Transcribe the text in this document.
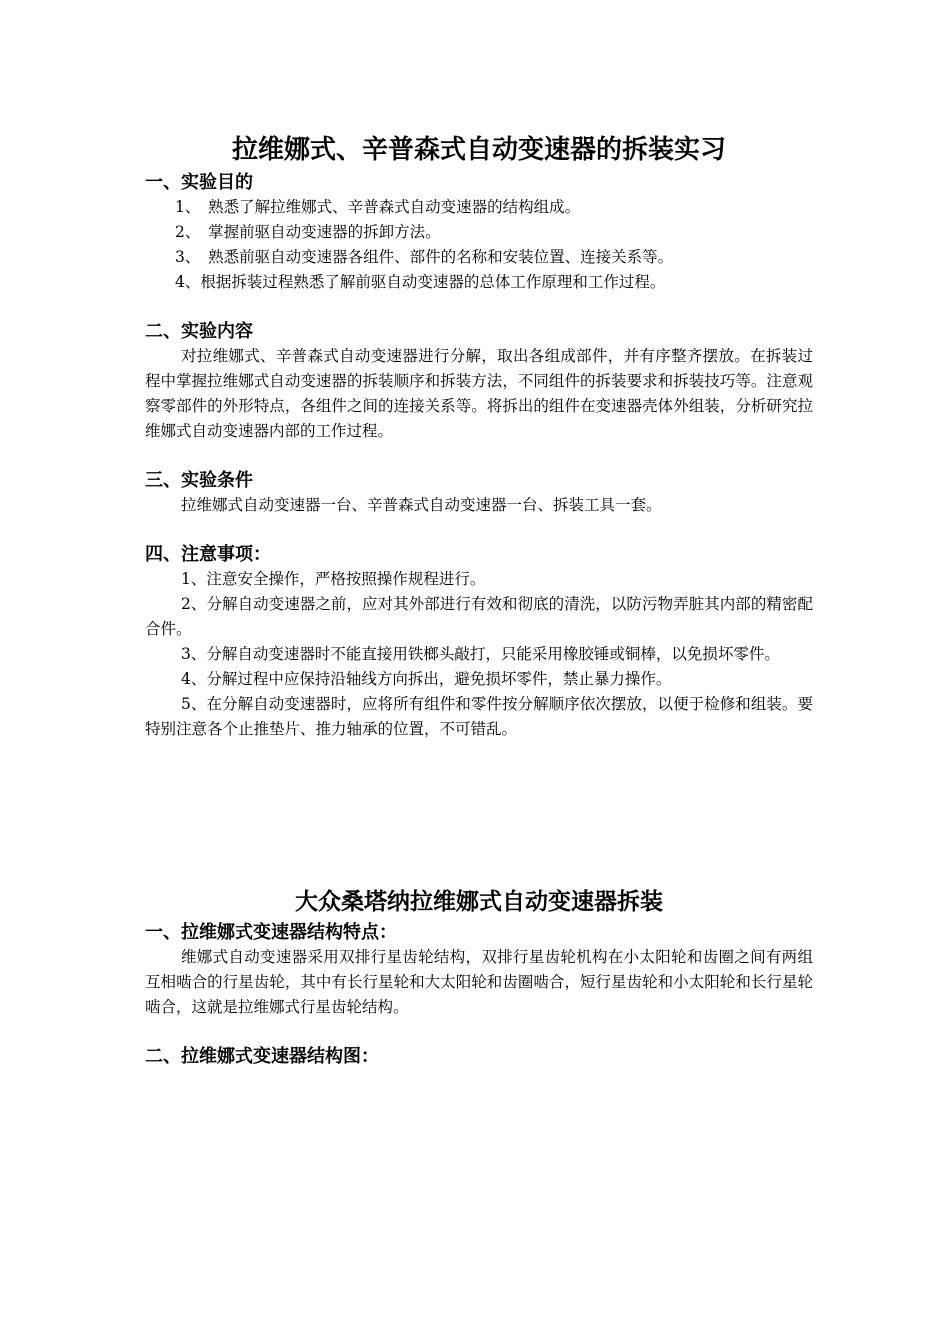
拉维娜式、辛普森式自动变速器的拆装实习
一、实验目的

1、　熟悉了解拉维娜式、辛普森式自动变速器的结构组成。

2、　掌握前驱自动变速器的拆卸方法。

3、　熟悉前驱自动变速器各组件、部件的名称和安装位置、连接关系等。

4、根据拆装过程熟悉了解前驱自动变速器的总体工作原理和工作过程。

二、实验内容

对拉维娜式、辛普森式自动变速器进行分解，取出各组成部件，并有序整齐摆放。在拆装过程中掌握拉维娜式自动变速器的拆装顺序和拆装方法，不同组件的拆装要求和拆装技巧等。注意观察零部件的外形特点，各组件之间的连接关系等。将拆出的组件在变速器壳体外组装，分析研究拉维娜式自动变速器内部的工作过程。

三、实验条件

拉维娜式自动变速器一台、辛普森式自动变速器一台、拆装工具一套。

四、注意事项：

1、注意安全操作，严格按照操作规程进行。

2、分解自动变速器之前，应对其外部进行有效和彻底的清洗，以防污物弄脏其内部的精密配合件。

3、分解自动变速器时不能直接用铁榔头敲打，只能采用橡胶锤或铜棒，以免损坏零件。

4、分解过程中应保持沿轴线方向拆出，避免损坏零件，禁止暴力操作。

5、在分解自动变速器时，应将所有组件和零件按分解顺序依次摆放，以便于检修和组装。要特别注意各个止推垫片、推力轴承的位置，不可错乱。

大众桑塔纳拉维娜式自动变速器拆装
一、拉维娜式变速器结构特点：

维娜式自动变速器采用双排行星齿轮结构，双排行星齿轮机构在小太阳轮和齿圈之间有两组互相啮合的行星齿轮，其中有长行星轮和大太阳轮和齿圈啮合，短行星齿轮和小太阳轮和长行星轮啮合，这就是拉维娜式行星齿轮结构。

二、拉维娜式变速器结构图：
